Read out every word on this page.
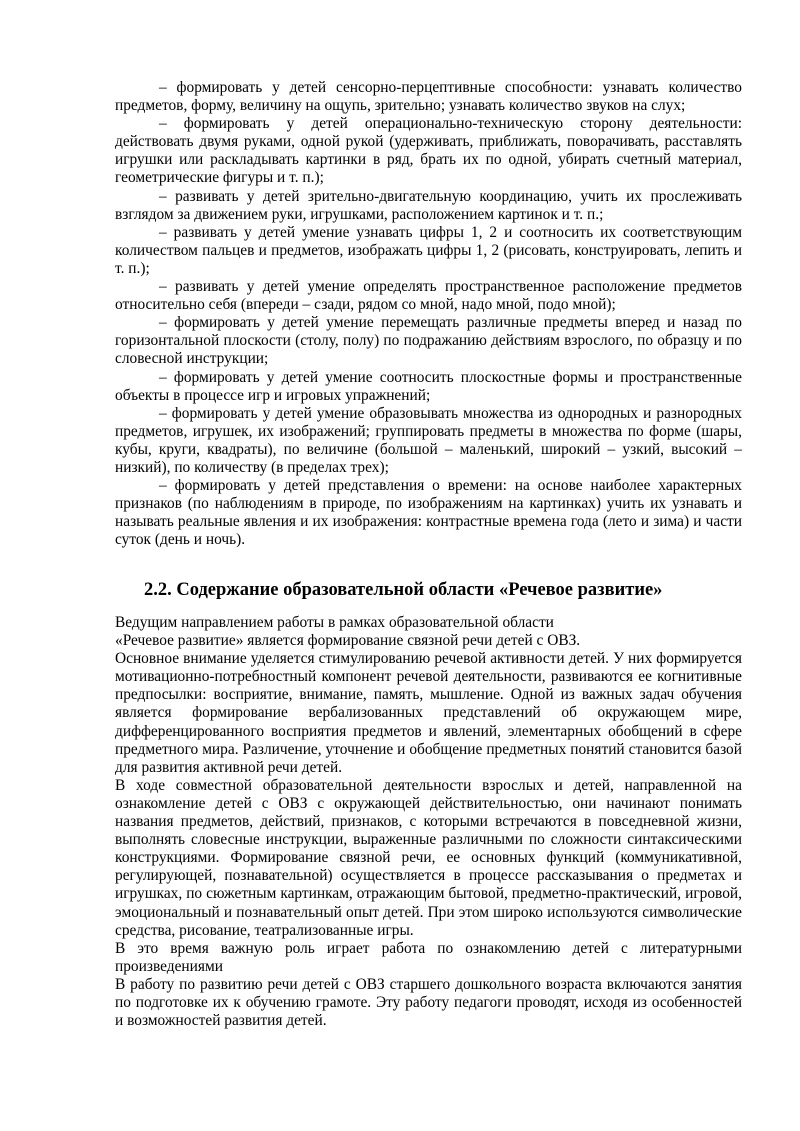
– формировать у детей сенсорно-перцептивные способности: узнавать количество предметов, форму, величину на ощупь, зрительно; узнавать количество звуков на слух;

– формировать у детей операционально-техническую сторону деятельности: действовать двумя руками, одной рукой (удерживать, приближать, поворачивать, расставлять игрушки или раскладывать картинки в ряд, брать их по одной, убирать счетный материал, геометрические фигуры и т. п.);

– развивать у детей зрительно-двигательную координацию, учить их прослеживать взглядом за движением руки, игрушками, расположением картинок и т. п.;

– развивать у детей умение узнавать цифры 1, 2 и соотносить их соответствующим количеством пальцев и предметов, изображать цифры 1, 2 (рисовать, конструировать, лепить и т. п.);

– развивать у детей умение определять пространственное расположение предметов относительно себя (впереди – сзади, рядом со мной, надо мной, подо мной);

– формировать у детей умение перемещать различные предметы вперед и назад по горизонтальной плоскости (столу, полу) по подражанию действиям взрослого, по образцу и по словесной инструкции;

– формировать у детей умение соотносить плоскостные формы и пространственные объекты в процессе игр и игровых упражнений;

– формировать у детей умение образовывать множества из однородных и разнородных предметов, игрушек, их изображений; группировать предметы в множества по форме (шары, кубы, круги, квадраты), по величине (большой – маленький, широкий – узкий, высокий – низкий), по количеству (в пределах трех);

– формировать у детей представления о времени: на основе наиболее характерных признаков (по наблюдениям в природе, по изображениям на картинках) учить их узнавать и называть реальные явления и их изображения: контрастные времена года (лето и зима) и части суток (день и ночь).

2.2. Содержание образовательной области «Речевое развитие»

Ведущим направлением работы в рамках образовательной области

«Речевое развитие» является формирование связной речи детей с ОВЗ.

Основное внимание уделяется стимулированию речевой активности детей. У них формируется мотивационно-потребностный компонент речевой деятельности, развиваются ее когнитивные предпосылки: восприятие, внимание, память, мышление. Одной из важных задач обучения является формирование вербализованных представлений об окружающем мире, дифференцированного восприятия предметов и явлений, элементарных обобщений в сфере предметного мира. Различение, уточнение и обобщение предметных понятий становится базой для развития активной речи детей.

В ходе совместной образовательной деятельности взрослых и детей, направленной на ознакомление детей с ОВЗ с окружающей действительностью, они начинают понимать названия предметов, действий, признаков, с которыми встречаются в повседневной жизни, выполнять словесные инструкции, выраженные различными по сложности синтаксическими конструкциями. Формирование связной речи, ее основных функций (коммуникативной, регулирующей, познавательной) осуществляется в процессе рассказывания о предметах и игрушках, по сюжетным картинкам, отражающим бытовой, предметно-практический, игровой, эмоциональный и познавательный опыт детей. При этом широко используются символические средства, рисование, театрализованные игры.

В это время важную роль играет работа по ознакомлению детей с литературными произведениями

В работу по развитию речи детей с ОВЗ старшего дошкольного возраста включаются занятия по подготовке их к обучению грамоте. Эту работу педагоги проводят, исходя из особенностей и возможностей развития детей.
